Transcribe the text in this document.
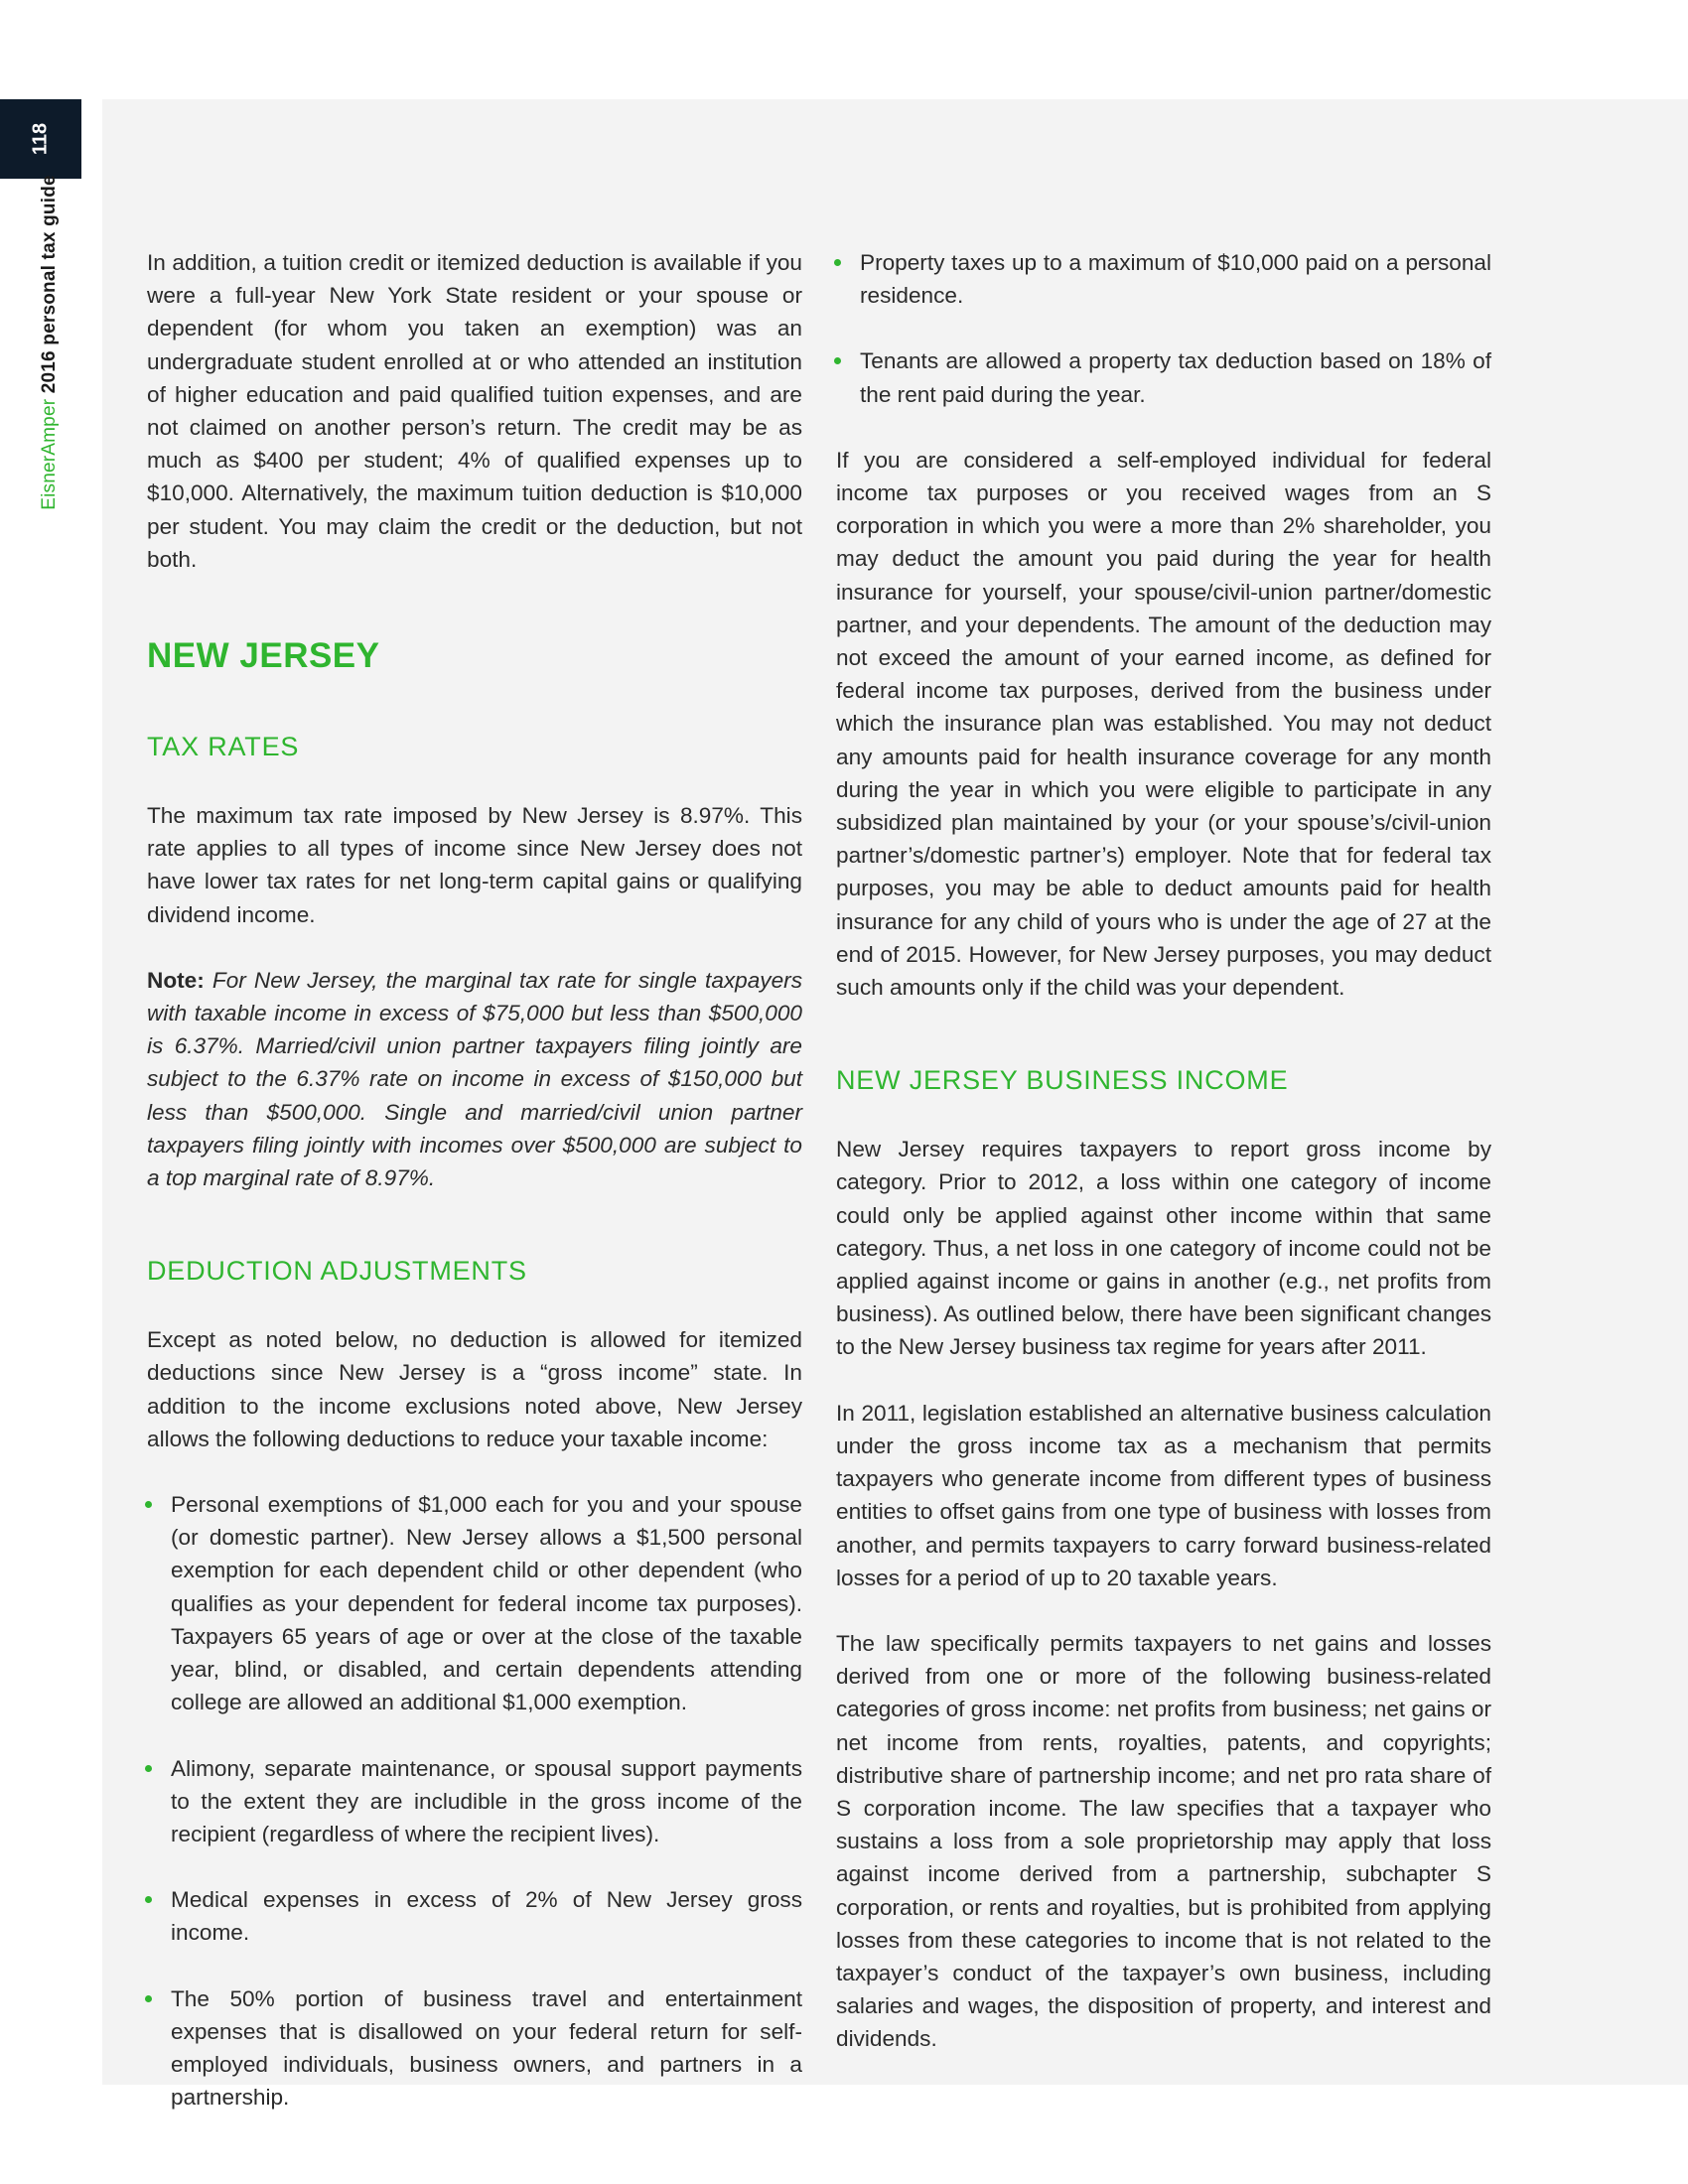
118
EisnerAmper 2016 personal tax guide	In addition, a tuition credit or itemized deduction is available if you were a full-year New York State resident or your spouse or dependent (for whom you taken an exemption) was an undergraduate student enrolled at or who attended an institution of higher education and paid qualified tuition expenses, and are not claimed on another person’s return. The credit may be as much as $400 per student; 4% of qualified expenses up to $10,000. Alternatively, the maximum tuition deduction is $10,000 per student. You may claim the credit or the deduction, but not both.

NEW JERSEY
TAX RATES

The maximum tax rate imposed by New Jersey is 8.97%. This rate applies to all types of income since New Jersey does not have lower tax rates for net long-term capital gains or qualifying dividend income.

Note: For New Jersey, the marginal tax rate for single taxpayers with taxable income in excess of $75,000 but less than $500,000 is 6.37%. Married/civil union partner taxpayers filing jointly are subject to the 6.37% rate on income in excess of $150,000 but less than $500,000. Single and married/civil union partner taxpayers filing jointly with incomes over $500,000 are subject to a top marginal rate of 8.97%.

DEDUCTION ADJUSTMENTS

Except as noted below, no deduction is allowed for itemized deductions since New Jersey is a “gross income” state. In addition to the income exclusions noted above, New Jersey allows the following deductions to reduce your taxable income:

Personal exemptions of $1,000 each for you and your spouse (or domestic partner). New Jersey allows a $1,500 personal exemption for each dependent child or other dependent (who qualifies as your dependent for federal income tax purposes). Taxpayers 65 years of age or over at the close of the taxable year, blind, or disabled, and certain dependents attending college are allowed an additional $1,000 exemption.
Alimony, separate maintenance, or spousal support payments to the extent they are includible in the gross income of the recipient (regardless of where the recipient lives).
Medical expenses in excess of 2% of New Jersey gross income.
The 50% portion of business travel and entertainment expenses that is disallowed on your federal return for self-employed individuals, business owners, and partners in a partnership.
Property taxes up to a maximum of $10,000 paid on a personal residence.
Tenants are allowed a property tax deduction based on 18% of the rent paid during the year.

If you are considered a self-employed individual for federal income tax purposes or you received wages from an S corporation in which you were a more than 2% shareholder, you may deduct the amount you paid during the year for health insurance for yourself, your spouse/civil-union partner/domestic partner, and your dependents. The amount of the deduction may not exceed the amount of your earned income, as defined for federal income tax purposes, derived from the business under which the insurance plan was established. You may not deduct any amounts paid for health insurance coverage for any month during the year in which you were eligible to participate in any subsidized plan maintained by your (or your spouse’s/civil-union partner’s/domestic partner’s) employer. Note that for federal tax purposes, you may be able to deduct amounts paid for health insurance for any child of yours who is under the age of 27 at the end of 2015. However, for New Jersey purposes, you may deduct such amounts only if the child was your dependent.

NEW JERSEY BUSINESS INCOME

New Jersey requires taxpayers to report gross income by category. Prior to 2012, a loss within one category of income could only be applied against other income within that same category. Thus, a net loss in one category of income could not be applied against income or gains in another (e.g., net profits from business). As outlined below, there have been significant changes to the New Jersey business tax regime for years after 2011.

In 2011, legislation established an alternative business calculation under the gross income tax as a mechanism that permits taxpayers who generate income from different types of business entities to offset gains from one type of business with losses from another, and permits taxpayers to carry forward business-related losses for a period of up to 20 taxable years.

The law specifically permits taxpayers to net gains and losses derived from one or more of the following business-related categories of gross income: net profits from business; net gains or net income from rents, royalties, patents, and copyrights; distributive share of partnership income; and net pro rata share of S corporation income. The law specifies that a taxpayer who sustains a loss from a sole proprietorship may apply that loss against income derived from a partnership, subchapter S corporation, or rents and royalties, but is prohibited from applying losses from these categories to income that is not related to the taxpayer’s conduct of the taxpayer’s own business, including salaries and wages, the disposition of property, and interest and dividends.
